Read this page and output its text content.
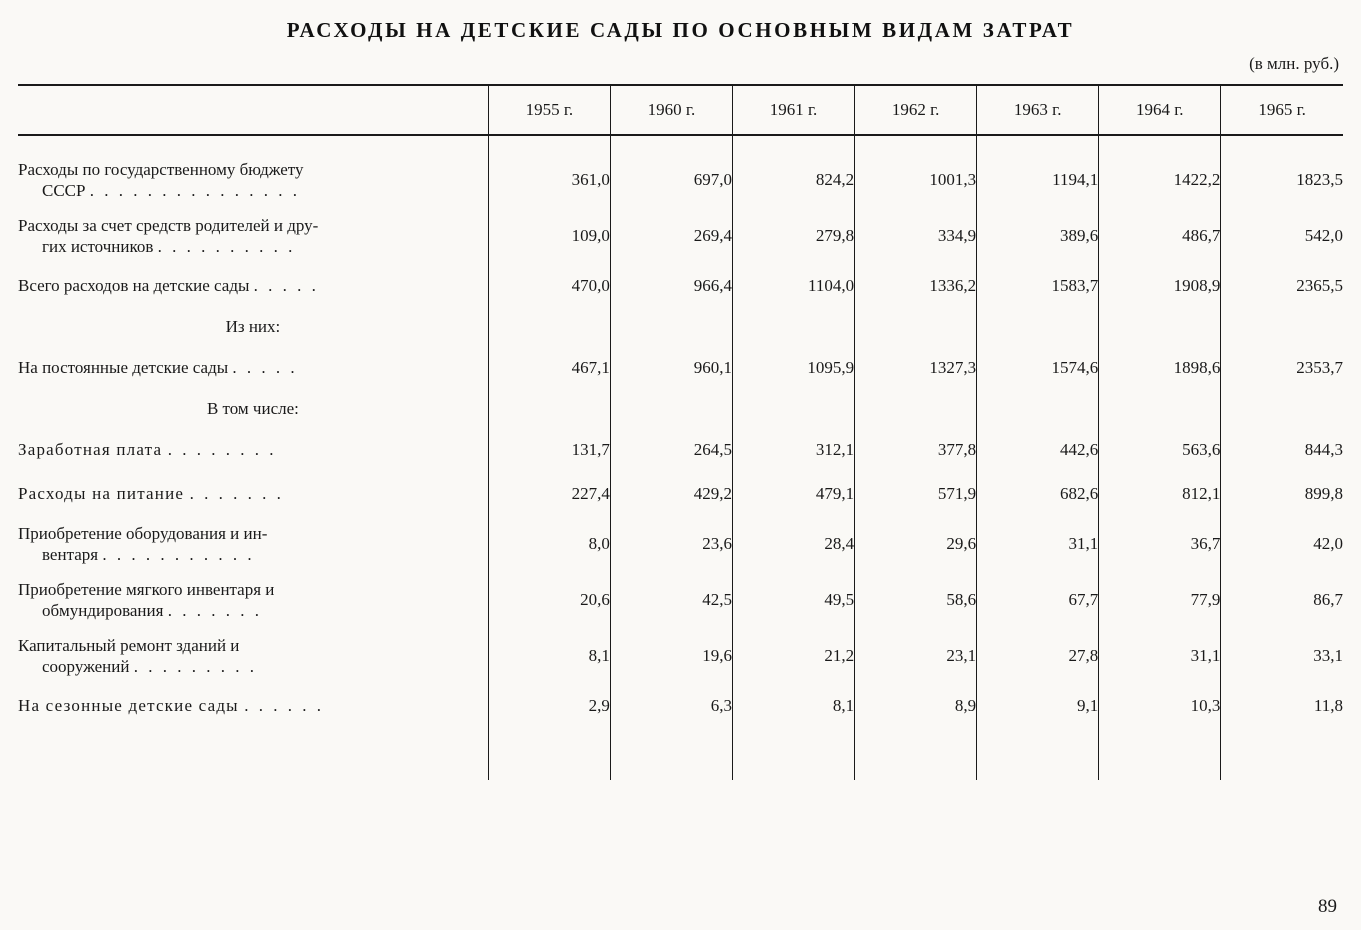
РАСХОДЫ НА ДЕТСКИЕ САДЫ ПО ОСНОВНЫМ ВИДАМ ЗАТРАТ
(в млн. руб.)
	1955 г.	1960 г.	1961 г.	1962 г.	1963 г.	1964 г.	1965 г.

Расходы по государственному бюджету
СССР . . . . . . . . . . . . . . .	361,0	697,0	824,2	1001,3	1194,1	1422,2	1823,5

Расходы за счет средств родителей и дру-
гих источников . . . . . . . . . .	109,0	269,4	279,8	334,9	389,6	486,7	542,0
Всего расходов на детские сады . . . . .	470,0	966,4	1104,0	1336,2	1583,7	1908,9	2365,5
Из них:							
На постоянные детские сады . . . . .	467,1	960,1	1095,9	1327,3	1574,6	1898,6	2353,7
В том числе:							
Заработная плата . . . . . . . .	131,7	264,5	312,1	377,8	442,6	563,6	844,3
Расходы на питание . . . . . . .	227,4	429,2	479,1	571,9	682,6	812,1	899,8

Приобретение оборудования и ин-
вентаря . . . . . . . . . . .	8,0	23,6	28,4	29,6	31,1	36,7	42,0

Приобретение мягкого инвентаря и
обмундирования . . . . . . .	20,6	42,5	49,5	58,6	67,7	77,9	86,7

Капитальный ремонт зданий и
сооружений . . . . . . . . .	8,1	19,6	21,2	23,1	27,8	31,1	33,1
На сезонные детские сады . . . . . .	2,9	6,3	8,1	8,9	9,1	10,3	11,8

89
